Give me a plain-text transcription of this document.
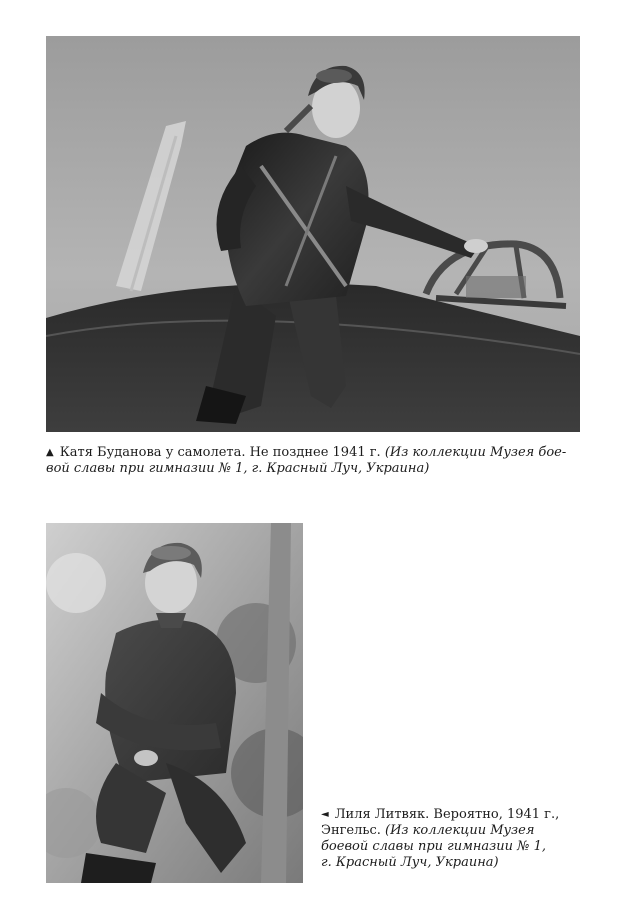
▲ Катя Буданова у самолета. Не позднее 1941 г. (Из коллекции Музея бое-
вой славы при гимназии № 1, г. Красный Луч, Украина)
◄ Лиля Литвяк. Вероятно, 1941 г.,
Энгельс. (Из коллекции Музея
боевой славы при гимназии № 1,
г. Красный Луч, Украина)
